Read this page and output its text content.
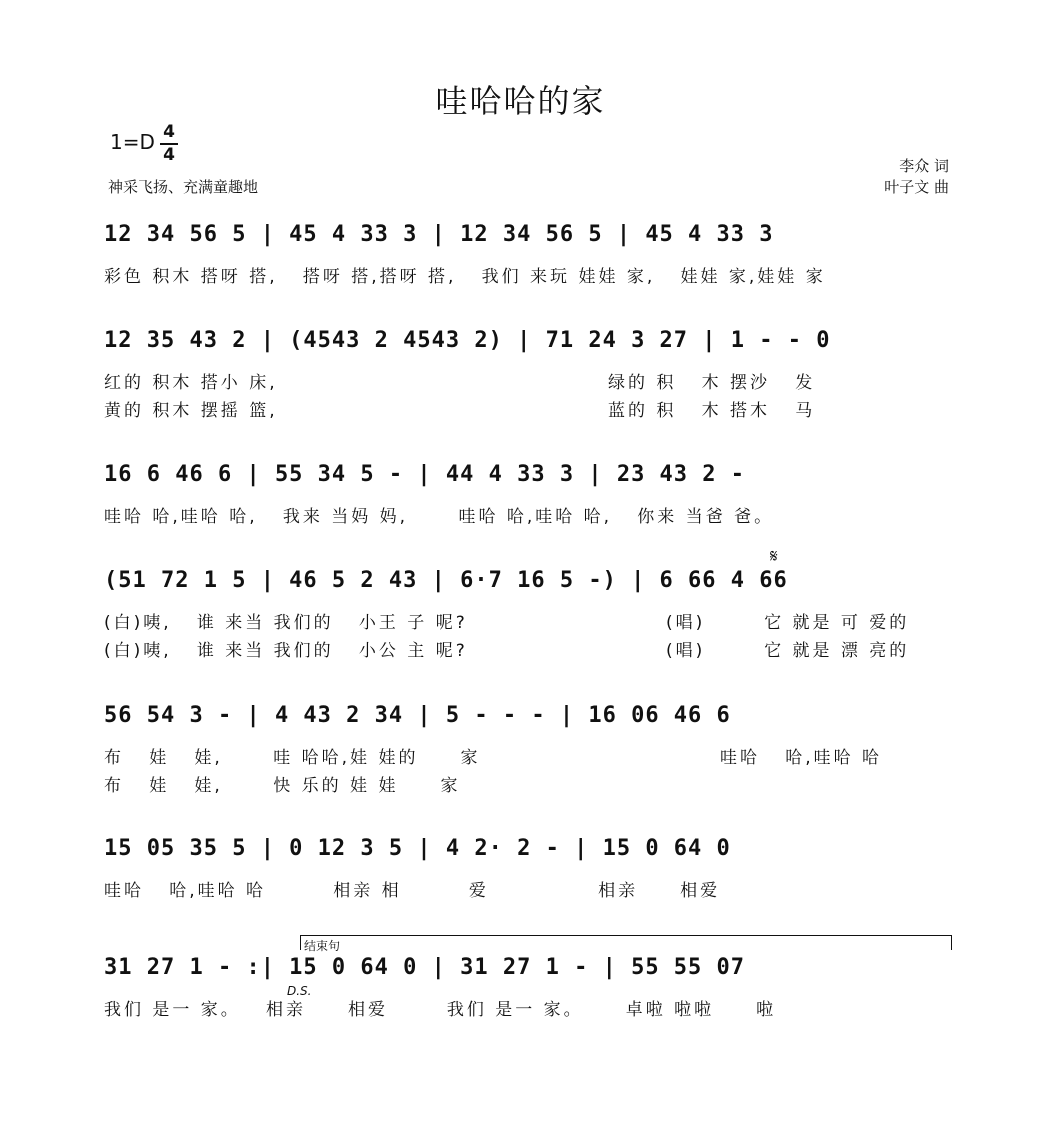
哇哈哈的家
1=D 4
4
神采飞扬、充满童趣地
李众 词
叶子文 曲
12 34 56 5 | 45 4 33 3 | 12 34 56 5 | 45 4 33 3
彩色 积木 搭呀 搭,   搭呀 搭,搭呀 搭,   我们 来玩 娃娃 家,   娃娃 家,娃娃 家
12 35 43 2 | (4543 2 4543 2) | 71 24 3 27 | 1 - - 0
红的 积木 搭小 床,
黄的 积木 摆摇 篮,
绿的 积   木 摆沙   发
蓝的 积   木 搭木   马
16 6 46 6 | 55 34 5 - | 44 4 33 3 | 23 43 2 -
哇哈 哈,哇哈 哈,   我来 当妈 妈,      哇哈 哈,哇哈 哈,   你来 当爸 爸。
(51 72 1 5 | 46 5 2 43 | 6·7 16 5 -) | 6 66 4 66
(白)咦,   谁 来当 我们的   小王 子 呢?
(白)咦,   谁 来当 我们的   小公 主 呢?
(唱)       它 就是 可 爱的
(唱)       它 就是 漂 亮的
𝄋
56 54 3 - | 4 43 2 34 | 5 - - - | 16 06 46 6
布   娃   娃,      哇 哈哈,娃 娃的     家
布   娃   娃,      快 乐的 娃 娃     家
哇哈   哈,哇哈 哈
15 05 35 5 | 0 12 3 5 | 4 2· 2 - | 15 0 64 0
哇哈   哈,哇哈 哈        相亲 相        爱             相亲     相爱
结束句
31 27 1 - :| 15 0 64 0 | 31 27 1 - | 55 55 07
我们 是一 家。   相亲     相爱       我们 是一 家。     卓啦 啦啦     啦
D.S.
